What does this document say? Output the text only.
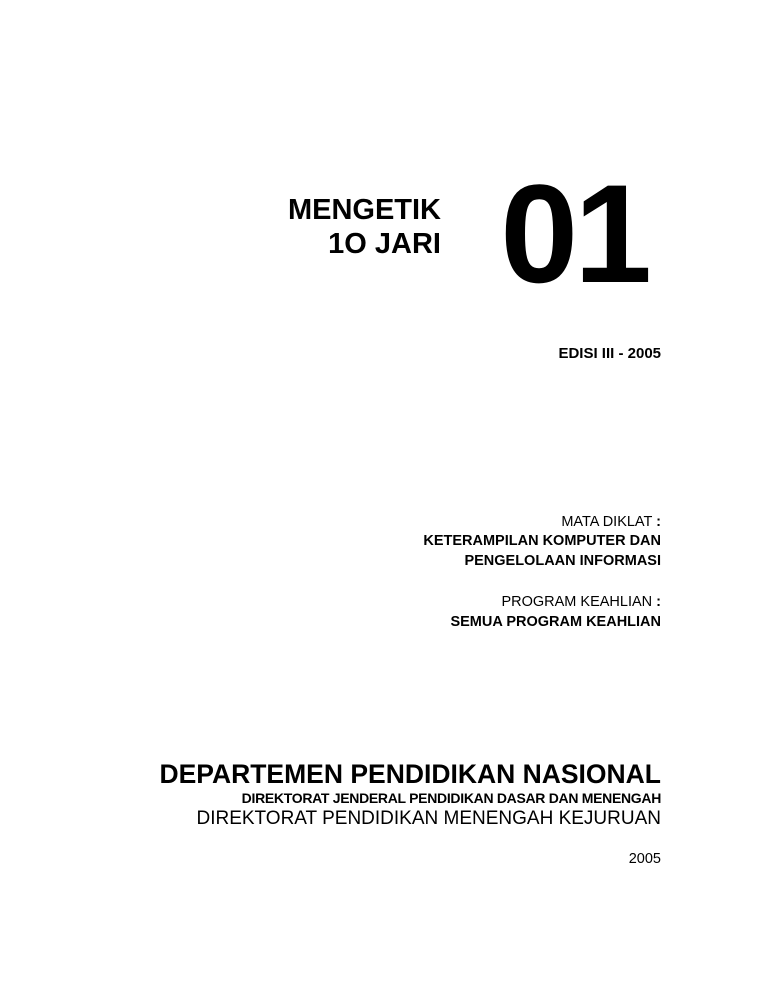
MENGETIK
1O JARI 01
EDISI III - 2005
MATA DIKLAT :
KETERAMPILAN KOMPUTER DAN
PENGELOLAAN INFORMASI
PROGRAM KEAHLIAN :
SEMUA PROGRAM KEAHLIAN
DEPARTEMEN PENDIDIKAN NASIONAL
DIREKTORAT JENDERAL PENDIDIKAN DASAR DAN MENENGAH
DIREKTORAT PENDIDIKAN MENENGAH KEJURUAN
2005
